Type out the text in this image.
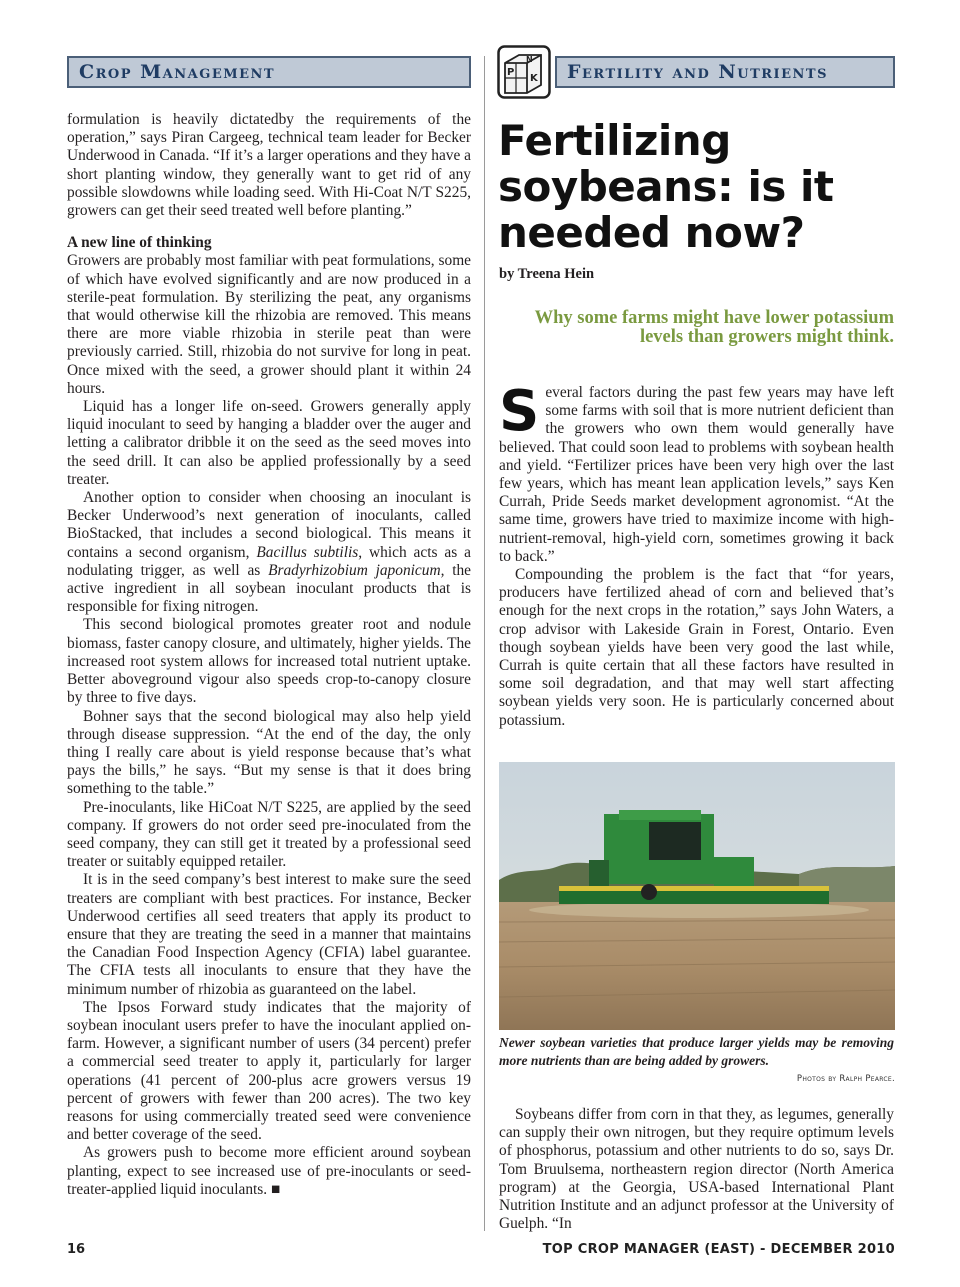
Crop Management
N
P
K	Fertility and Nutrients

formulation is heavily dictatedby the requirements of the operation,” says Piran Cargeeg, technical team leader for Becker Underwood in Canada. “If it’s a larger operations and they have a short planting window, they generally want to get rid of any possible slowdowns while loading seed. With Hi-Coat N/T S225, growers can get their seed treated well before planting.”

A new line of thinking

Growers are probably most familiar with peat formulations, some of which have evolved significantly and are now produced in a sterile-peat formulation. By sterilizing the peat, any organisms that would otherwise kill the rhizobia are removed. This means there are more viable rhizobia in sterile peat than were previously carried. Still, rhizobia do not survive for long in peat. Once mixed with the seed, a grower should plant it within 24 hours.

Liquid has a longer life on-seed. Growers generally apply liquid inoculant to seed by hanging a bladder over the auger and letting a calibrator dribble it on the seed as the seed moves into the seed drill. It can also be applied professionally by a seed treater.

Another option to consider when choosing an inoculant is Becker Underwood’s next generation of inoculants, called BioStacked, that includes a second biological. This means it contains a second organism, Bacillus subtilis, which acts as a nodulating trigger, as well as Bradyrhizobium japonicum, the active ingredient in all soybean inoculant products that is responsible for fixing nitrogen.

This second biological promotes greater root and nodule biomass, faster canopy closure, and ultimately, higher yields. The increased root system allows for increased total nutrient uptake. Better aboveground vigour also speeds crop-to-canopy closure by three to five days.

Bohner says that the second biological may also help yield through disease suppression. “At the end of the day, the only thing I really care about is yield response because that’s what pays the bills,” he says. “But my sense is that it does bring something to the table.”

Pre-inoculants, like HiCoat N/T S225, are applied by the seed company. If growers do not order seed pre-inoculated from the seed company, they can still get it treated by a professional seed treater or suitably equipped retailer.

It is in the seed company’s best interest to make sure the seed treaters are compliant with best practices. For instance, Becker Underwood certifies all seed treaters that apply its product to ensure that they are treating the seed in a manner that maintains the Canadian Food Inspection Agency (CFIA) label guarantee. The CFIA tests all inoculants to ensure that they have the minimum number of rhizobia as guaranteed on the label.

The Ipsos Forward study indicates that the majority of soybean inoculant users prefer to have the inoculant applied on-farm. However, a significant number of users (34 percent) prefer a commercial seed treater to apply it, particularly for larger operations (41 percent of 200-plus acre growers versus 19 percent of growers with fewer than 200 acres). The two key reasons for using commercially treated seed were convenience and better coverage of the seed.

As growers push to become more efficient around soybean planting, expect to see increased use of pre-inoculants or seed-treater-applied liquid inoculants. ■

Fertilizing soybeans: is it needed now?
by Treena Hein
Why some farms might have lower potassium levels than growers might think.

Several factors during the past few years may have left some farms with soil that is more nutrient deficient than the growers who own them would generally have believed. That could soon lead to problems with soybean health and yield. “Fertilizer prices have been very high over the last few years, which has meant lean application levels,” says Ken Currah, Pride Seeds market development agronomist. “At the same time, growers have tried to maximize income with high-nutrient-removal, high-yield corn, sometimes growing it back to back.”

Compounding the problem is the fact that “for years, producers have fertilized ahead of corn and believed that’s enough for the next crops in the rotation,” says John Waters, a crop advisor with Lakeside Grain in Forest, Ontario. Even though soybean yields have been very good the last while, Currah is quite certain that all these factors have resulted in some soil degradation, and that may well start affecting soybean yields very soon. He is particularly concerned about potassium.

Newer soybean varieties that produce larger yields may be removing more nutrients than are being added by growers.
Photos by Ralph Pearce.

Soybeans differ from corn in that they, as legumes, generally can supply their own nitrogen, but they require optimum levels of phosphorus, potassium and other nutrients to do so, says Dr. Tom Bruulsema, northeastern region director (North America program) at the Georgia, USA-based International Plant Nutrition Institute and an adjunct professor at the University of Guelph. “In

16	TOP CROP MANAGER (EAST) - DECEMBER 2010
